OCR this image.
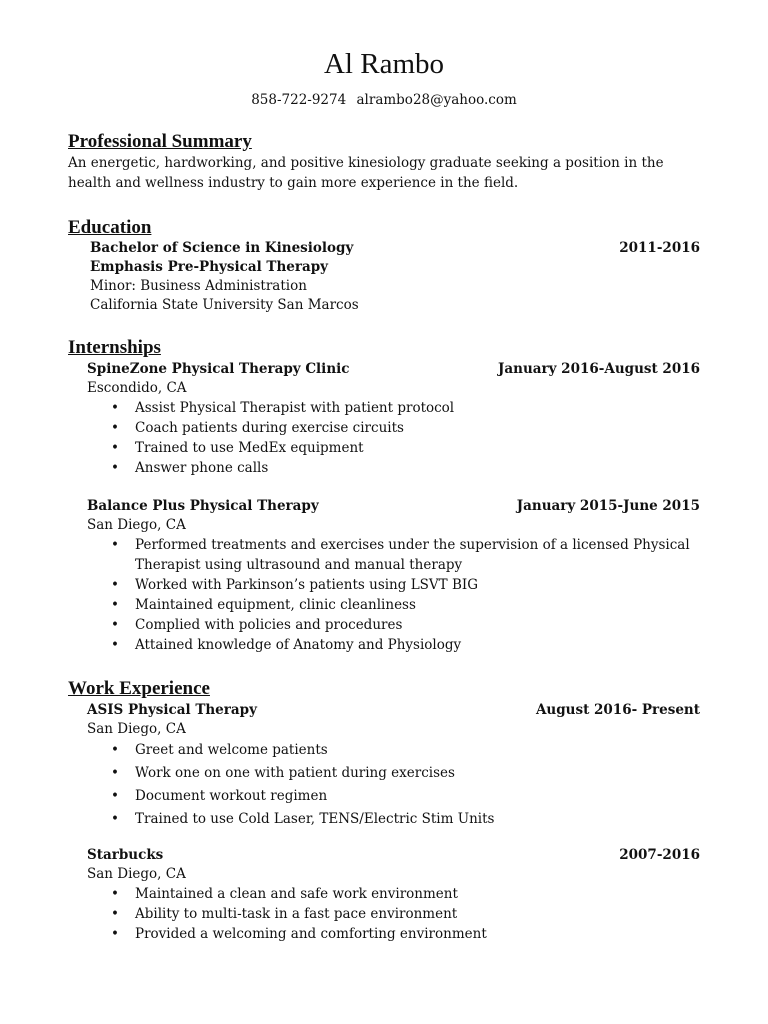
Al Rambo
858-722-9274 alrambo28@yahoo.com
Professional Summary
An energetic, hardworking, and positive kinesiology graduate seeking a position in the health and wellness industry to gain more experience in the field.
Education
Bachelor of Science in Kinesiology	2011-2016
Emphasis Pre-Physical Therapy
Minor: Business Administration
California State University San Marcos
Internships
SpineZone Physical Therapy Clinic	January 2016-August 2016
Escondido, CA
• Assist Physical Therapist with patient protocol
• Coach patients during exercise circuits
• Trained to use MedEx equipment
• Answer phone calls
Balance Plus Physical Therapy	January 2015-June 2015
San Diego, CA
• Performed treatments and exercises under the supervision of a licensed Physical
Therapist using ultrasound and manual therapy
• Worked with Parkinson’s patients using LSVT BIG
• Maintained equipment, clinic cleanliness
• Complied with policies and procedures
• Attained knowledge of Anatomy and Physiology
Work Experience
ASIS Physical Therapy	August 2016- Present
San Diego, CA
• Greet and welcome patients
• Work one on one with patient during exercises
• Document workout regimen
• Trained to use Cold Laser, TENS/Electric Stim Units
Starbucks	2007-2016
San Diego, CA
• Maintained a clean and safe work environment
• Ability to multi-task in a fast pace environment
• Provided a welcoming and comforting environment
